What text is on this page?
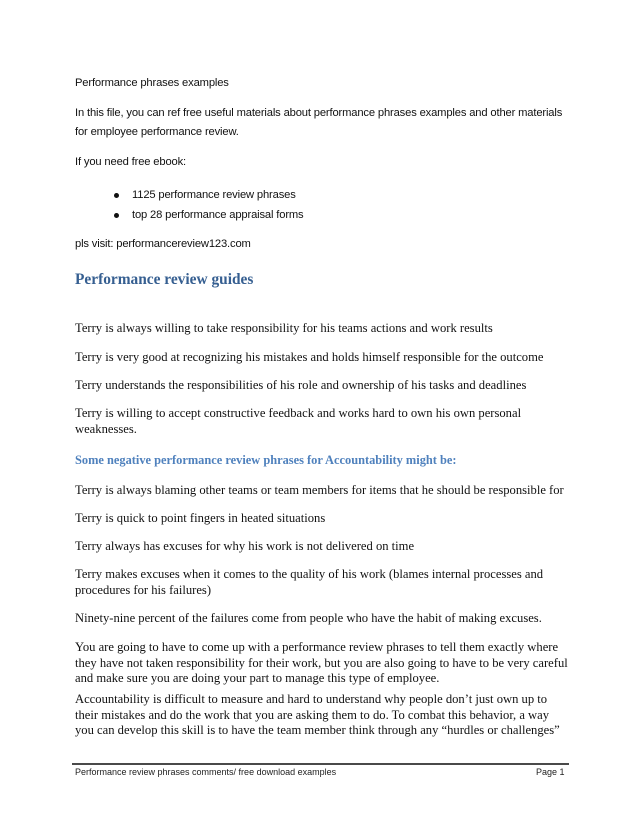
Performance phrases examples

In this file, you can ref free useful materials about performance phrases examples and other materials
for employee performance review.

If you need free ebook:

1125 performance review phrases
top 28 performance appraisal forms

pls visit: performancereview123.com

Performance review guides

Terry is always willing to take responsibility for his teams actions and work results

Terry is very good at recognizing his mistakes and holds himself responsible for the outcome

Terry understands the responsibilities of his role and ownership of his tasks and deadlines

Terry is willing to accept constructive feedback and works hard to own his own personal weaknesses.

Some negative performance review phrases for Accountability might be:

Terry is always blaming other teams or team members for items that he should be responsible for

Terry is quick to point fingers in heated situations

Terry always has excuses for why his work is not delivered on time

Terry makes excuses when it comes to the quality of his work (blames internal processes and procedures for his failures)

Ninety-nine percent of the failures come from people who have the habit of making excuses.

You are going to have to come up with a performance review phrases to tell them exactly where they have not taken responsibility for their work, but you are also going to have to be very careful and make sure you are doing your part to manage this type of employee.

Accountability is difficult to measure and hard to understand why people don’t just own up to their mistakes and do the work that you are asking them to do. To combat this behavior, a way you can develop this skill is to have the team member think through any “hurdles or challenges”

Performance review phrases comments/ free download examples	Page 1
